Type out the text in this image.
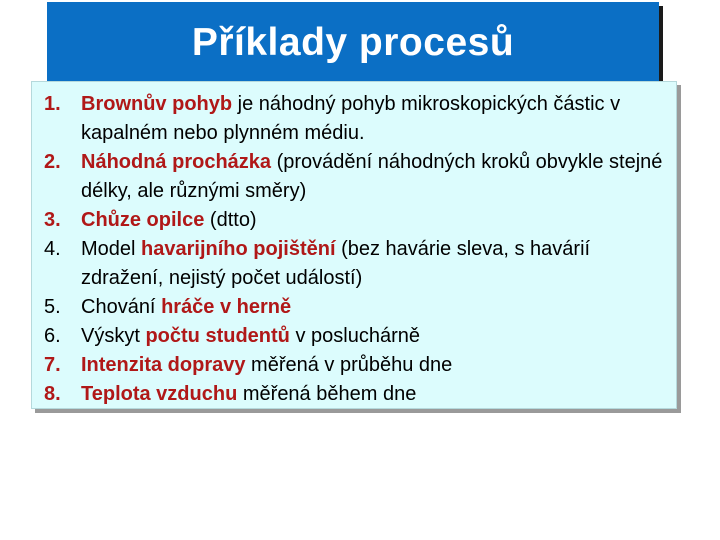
Příklady procesů
1.	Brownův pohyb je náhodný pohyb mikroskopických částic v kapalném nebo plynném médiu.
2.	Náhodná procházka (provádění náhodných kroků obvykle stejné délky, ale různými směry)
3.	Chůze opilce (dtto)
4.	Model havarijního pojištění (bez havárie sleva, s havárií zdražení, nejistý počet událostí)
5.	Chování hráče v herně
6.	Výskyt počtu studentů v posluchárně
7.	Intenzita dopravy měřená v průběhu dne
8.	Teplota vzduchu měřená během dne
